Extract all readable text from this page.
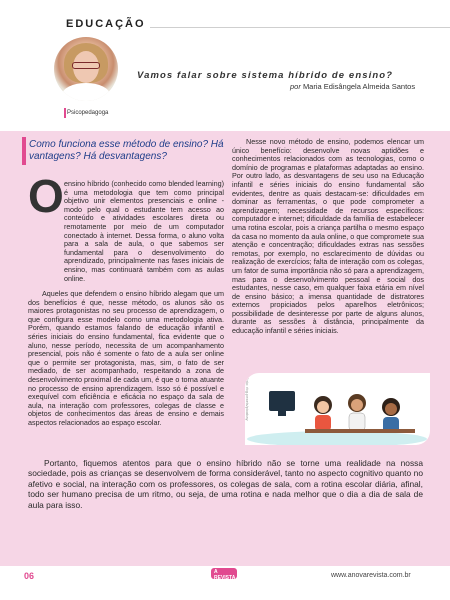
EDUCAÇÃO
Psicopedagoga
Vamos falar sobre sistema híbrido de ensino?
por Maria Edisângela Almeida Santos
Como funciona esse método de ensino? Há vantagens? Há desvantagens?
O ensino híbrido (conhecido como blended learning) é uma metodologia que tem como principal objetivo unir elementos presenciais e online - modo pelo qual o estudante tem acesso ao conteúdo e atividades escolares direta ou remotamente por meio de um computador conectado à internet. Dessa forma, o aluno volta para a sala de aula, o que sabemos ser fundamental para o desenvolvimento do aprendizado, principalmente nas fases iniciais de ensino, mas continuará também com as aulas online.

Aqueles que defendem o ensino híbrido alegam que um dos benefícios é que, nesse método, os alunos são os maiores protagonistas no seu processo de aprendizagem, o que configura esse modelo como uma metodologia ativa. Porém, quando estamos falando de educação infantil e séries iniciais do ensino fundamental, fica evidente que o aluno, nesse período, necessita de um acompanhamento presencial, pois não é somente o fato de a aula ser online que o permite ser protagonista, mas, sim, o fato de ser mediado, de ser acompanhado, respeitando a zona de desenvolvimento proximal de cada um, é que o torna atuante no processo de ensino aprendizagem. Isso só é possível e exequível com eficiência e eficácia no espaço da sala de aula, na interação com professores, colegas de classe e objetos de conhecimentos das áreas de ensino e demais aspectos relacionados ao espaço escolar.

Nesse novo método de ensino, podemos elencar um único benefício: desenvolve novas aptidões e conhecimentos relacionados com as tecnologias, como o domínio de programas e plataformas adaptadas ao ensino. Por outro lado, as desvantagens de seu uso na Educação infantil e séries iniciais do ensino fundamental são evidentes, dentre as quais destacam-se: dificuldades em dominar as ferramentas, o que pode comprometer a aprendizagem; necessidade de recursos específicos: computador e internet; dificuldade da família de estabelecer uma rotina escolar, pois a criança partilha o mesmo espaço da casa no momento da aula online, o que compromete sua atenção e concentração; dificuldades extras nas sessões remotas, por exemplo, no esclarecimento de dúvidas ou realização de exercícios; falta de interação com os colegas, um fator de suma importância não só para a aprendizagem, mas para o desenvolvimento pessoal e social dos estudantes, nesse caso, em qualquer faixa etária em nível de ensino básico; a imensa quantidade de distratores externos propiciados pelos aparelhos eletrônicos; possibilidade de desinteresse por parte de alguns alunos, durante as sessões à distância, principalmente da educação infantil e séries iniciais.

Foto: rbg.pexels/pixabay
Portanto, fiquemos atentos para que o ensino híbrido não se torne uma realidade na nossa sociedade, pois as crianças se desenvolvem de forma considerável, tanto no aspecto cognitivo quanto no afetivo e social, na interação com os professores, os colegas de sala, com a rotina escolar diária, afinal, todo ser humano precisa de um ritmo, ou seja, de uma rotina e nada melhor que o dia a dia de sala de aula para isso.
06	A REVISTA	www.anovarevista.com.br
